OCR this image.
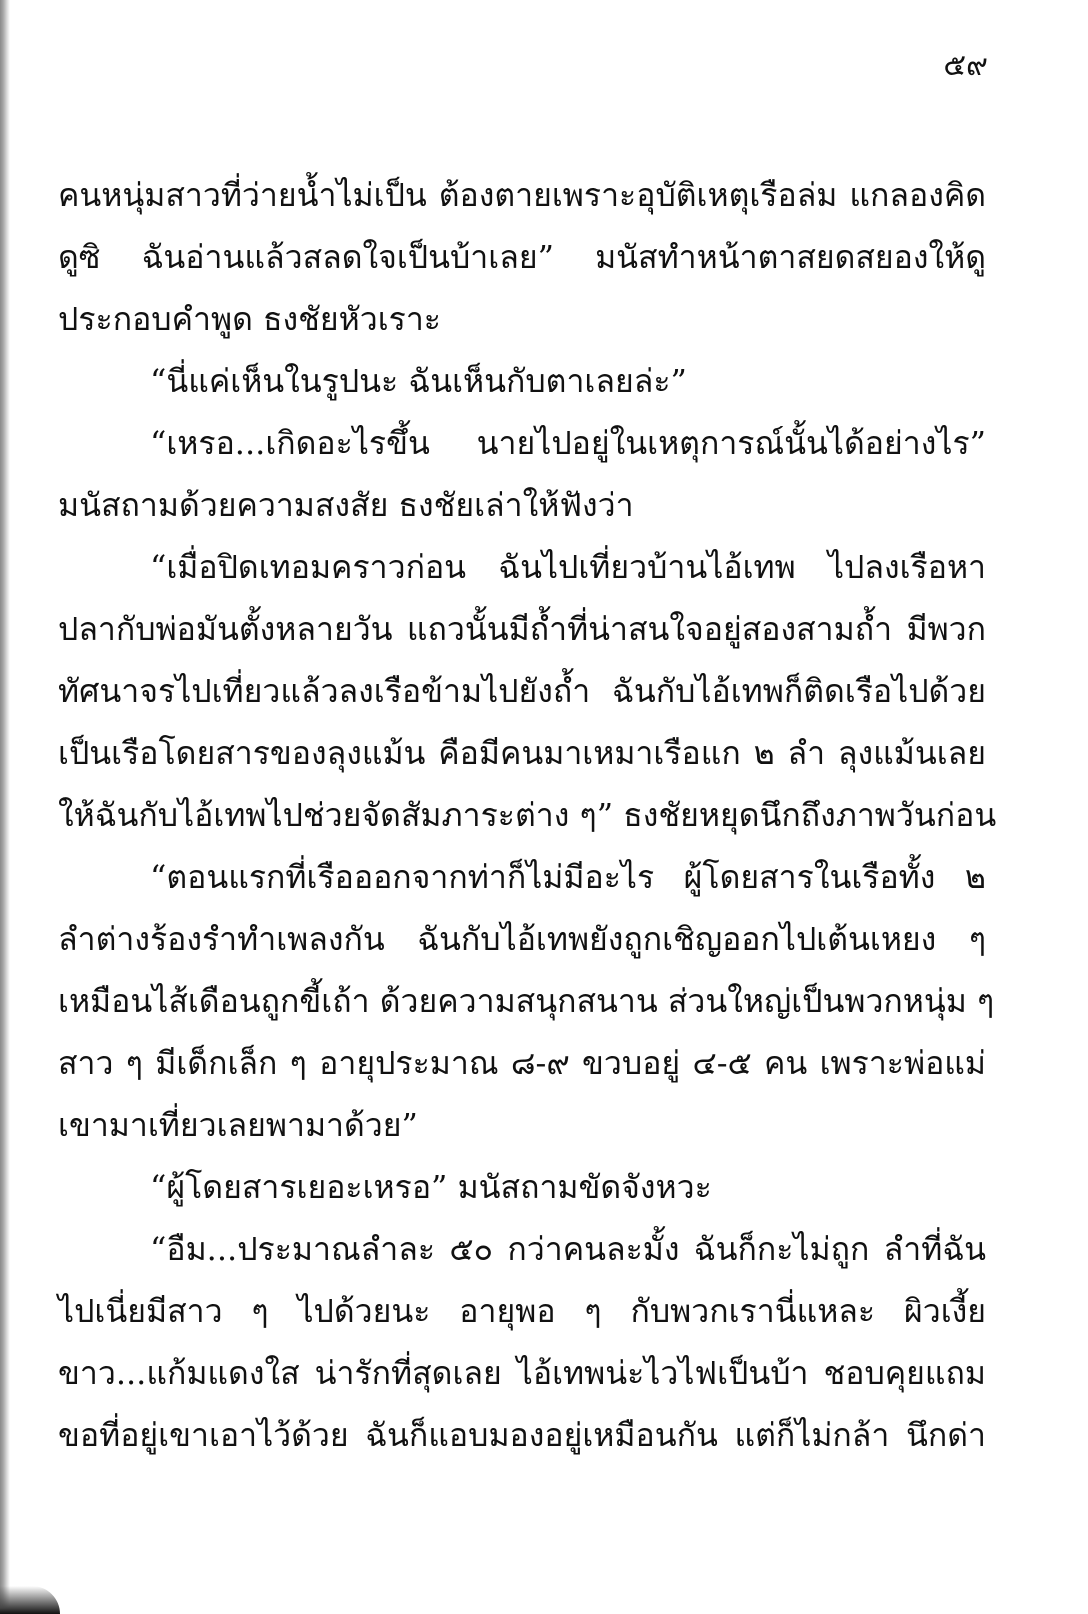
๕๙

คนหนุ่มสาวที่ว่ายน้ำไม่เป็น ต้องตายเพราะอุบัติเหตุเรือล่ม แกลองคิด
ดูซิ ฉันอ่านแล้วสลดใจเป็นบ้าเลย” มนัสทำหน้าตาสยดสยองให้ดู
ประกอบคำพูด ธงชัยหัวเราะ

“นี่แค่เห็นในรูปนะ ฉันเห็นกับตาเลยล่ะ”

“เหรอ...เกิดอะไรขึ้น นายไปอยู่ในเหตุการณ์นั้นได้อย่างไร”
มนัสถามด้วยความสงสัย ธงชัยเล่าให้ฟังว่า

“เมื่อปิดเทอมคราวก่อน ฉันไปเที่ยวบ้านไอ้เทพ ไปลงเรือหา
ปลากับพ่อมันตั้งหลายวัน แถวนั้นมีถ้ำที่น่าสนใจอยู่สองสามถ้ำ มีพวก
ทัศนาจรไปเที่ยวแล้วลงเรือข้ามไปยังถ้ำ ฉันกับไอ้เทพก็ติดเรือไปด้วย
เป็นเรือโดยสารของลุงแม้น คือมีคนมาเหมาเรือแก ๒ ลำ ลุงแม้นเลย
ให้ฉันกับไอ้เทพไปช่วยจัดสัมภาระต่าง ๆ” ธงชัยหยุดนึกถึงภาพวันก่อน

“ตอนแรกที่เรือออกจากท่าก็ไม่มีอะไร ผู้โดยสารในเรือทั้ง ๒
ลำต่างร้องรำทำเพลงกัน ฉันกับไอ้เทพยังถูกเชิญออกไปเต้นเหยง ๆ
เหมือนไส้เดือนถูกขี้เถ้า ด้วยความสนุกสนาน ส่วนใหญ่เป็นพวกหนุ่ม ๆ
สาว ๆ มีเด็กเล็ก ๆ อายุประมาณ ๘-๙ ขวบอยู่ ๔-๕ คน เพราะพ่อแม่
เขามาเที่ยวเลยพามาด้วย”

“ผู้โดยสารเยอะเหรอ” มนัสถามขัดจังหวะ

“อืม...ประมาณลำละ ๕๐ กว่าคนละมั้ง ฉันก็กะไม่ถูก ลำที่ฉัน
ไปเนี่ยมีสาว ๆ ไปด้วยนะ อายุพอ ๆ กับพวกเรานี่แหละ ผิวเงี้ย
ขาว...แก้มแดงใส น่ารักที่สุดเลย ไอ้เทพน่ะไวไฟเป็นบ้า ชอบคุยแถม
ขอที่อยู่เขาเอาไว้ด้วย ฉันก็แอบมองอยู่เหมือนกัน แต่ก็ไม่กล้า นึกด่า
